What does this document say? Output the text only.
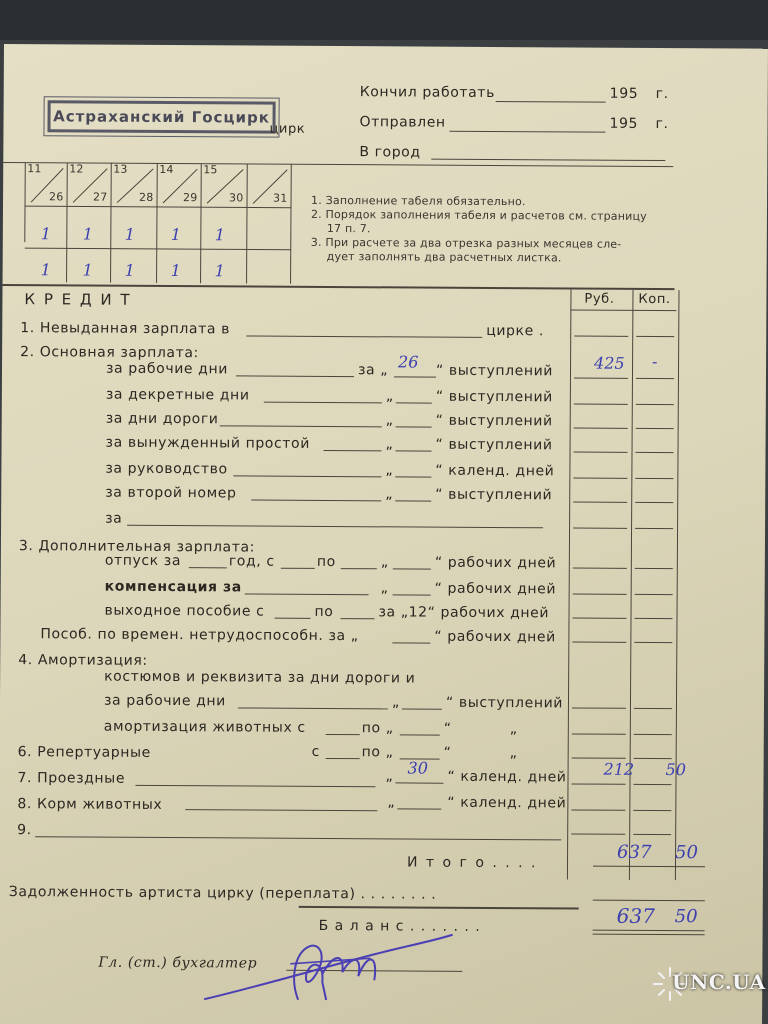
Астраханский Госцирк
цирк
Кончил работать	195 г.
Отправлен	195 г.
В город
11	12	13	14	15
26	27	28	29	30	31
1 1 1 1 1
1 1 1 1 1
1. Заполнение табеля обязательно.
2. Порядок заполнения табеля и расчетов см. страницу
17 п. 7.
3. При расчете за два отрезка разных месяцев сле-
дует заполнять два расчетных листка.
К Р Е Д И Т	Руб. Коп.
1. Невыданная зарплата в	цирке .
2. Основная зарплата:
за рабочие дни	за „ 26 “ выступлений	425 -
за декретные дни	„	“ выступлений
за дни дороги	„	“ выступлений
за вынужденный простой	„	“ выступлений
за руководство	„	“ календ. дней
за второй номер	„	“ выступлений
за
3. Дополнительная зарплата:
отпуск за	год, с	по	„	“ рабочих дней
компенсация за	„	“ рабочих дней
выходное пособие с	по	за „12“ рабочих дней
Пособ. по времен. нетрудоспособн. за „	“ рабочих дней
4. Амортизация:
костюмов и реквизита за дни дороги и
за рабочие дни	„	“ выступлений
амортизация животных с	по „	“	„
6. Репертуарные	с	по „	“	„
7. Проездные	„ 30 “ календ. дней 212 50
8. Корм животных	„	“ календ. дней
9.
И т о г о . . . .	637 50
Задолженность артиста цирку (переплата) . . . . . . . .
Б а л а н с . . . . . . .	637 50
Гл. (ст.) бухгалтер
UNC.UA
